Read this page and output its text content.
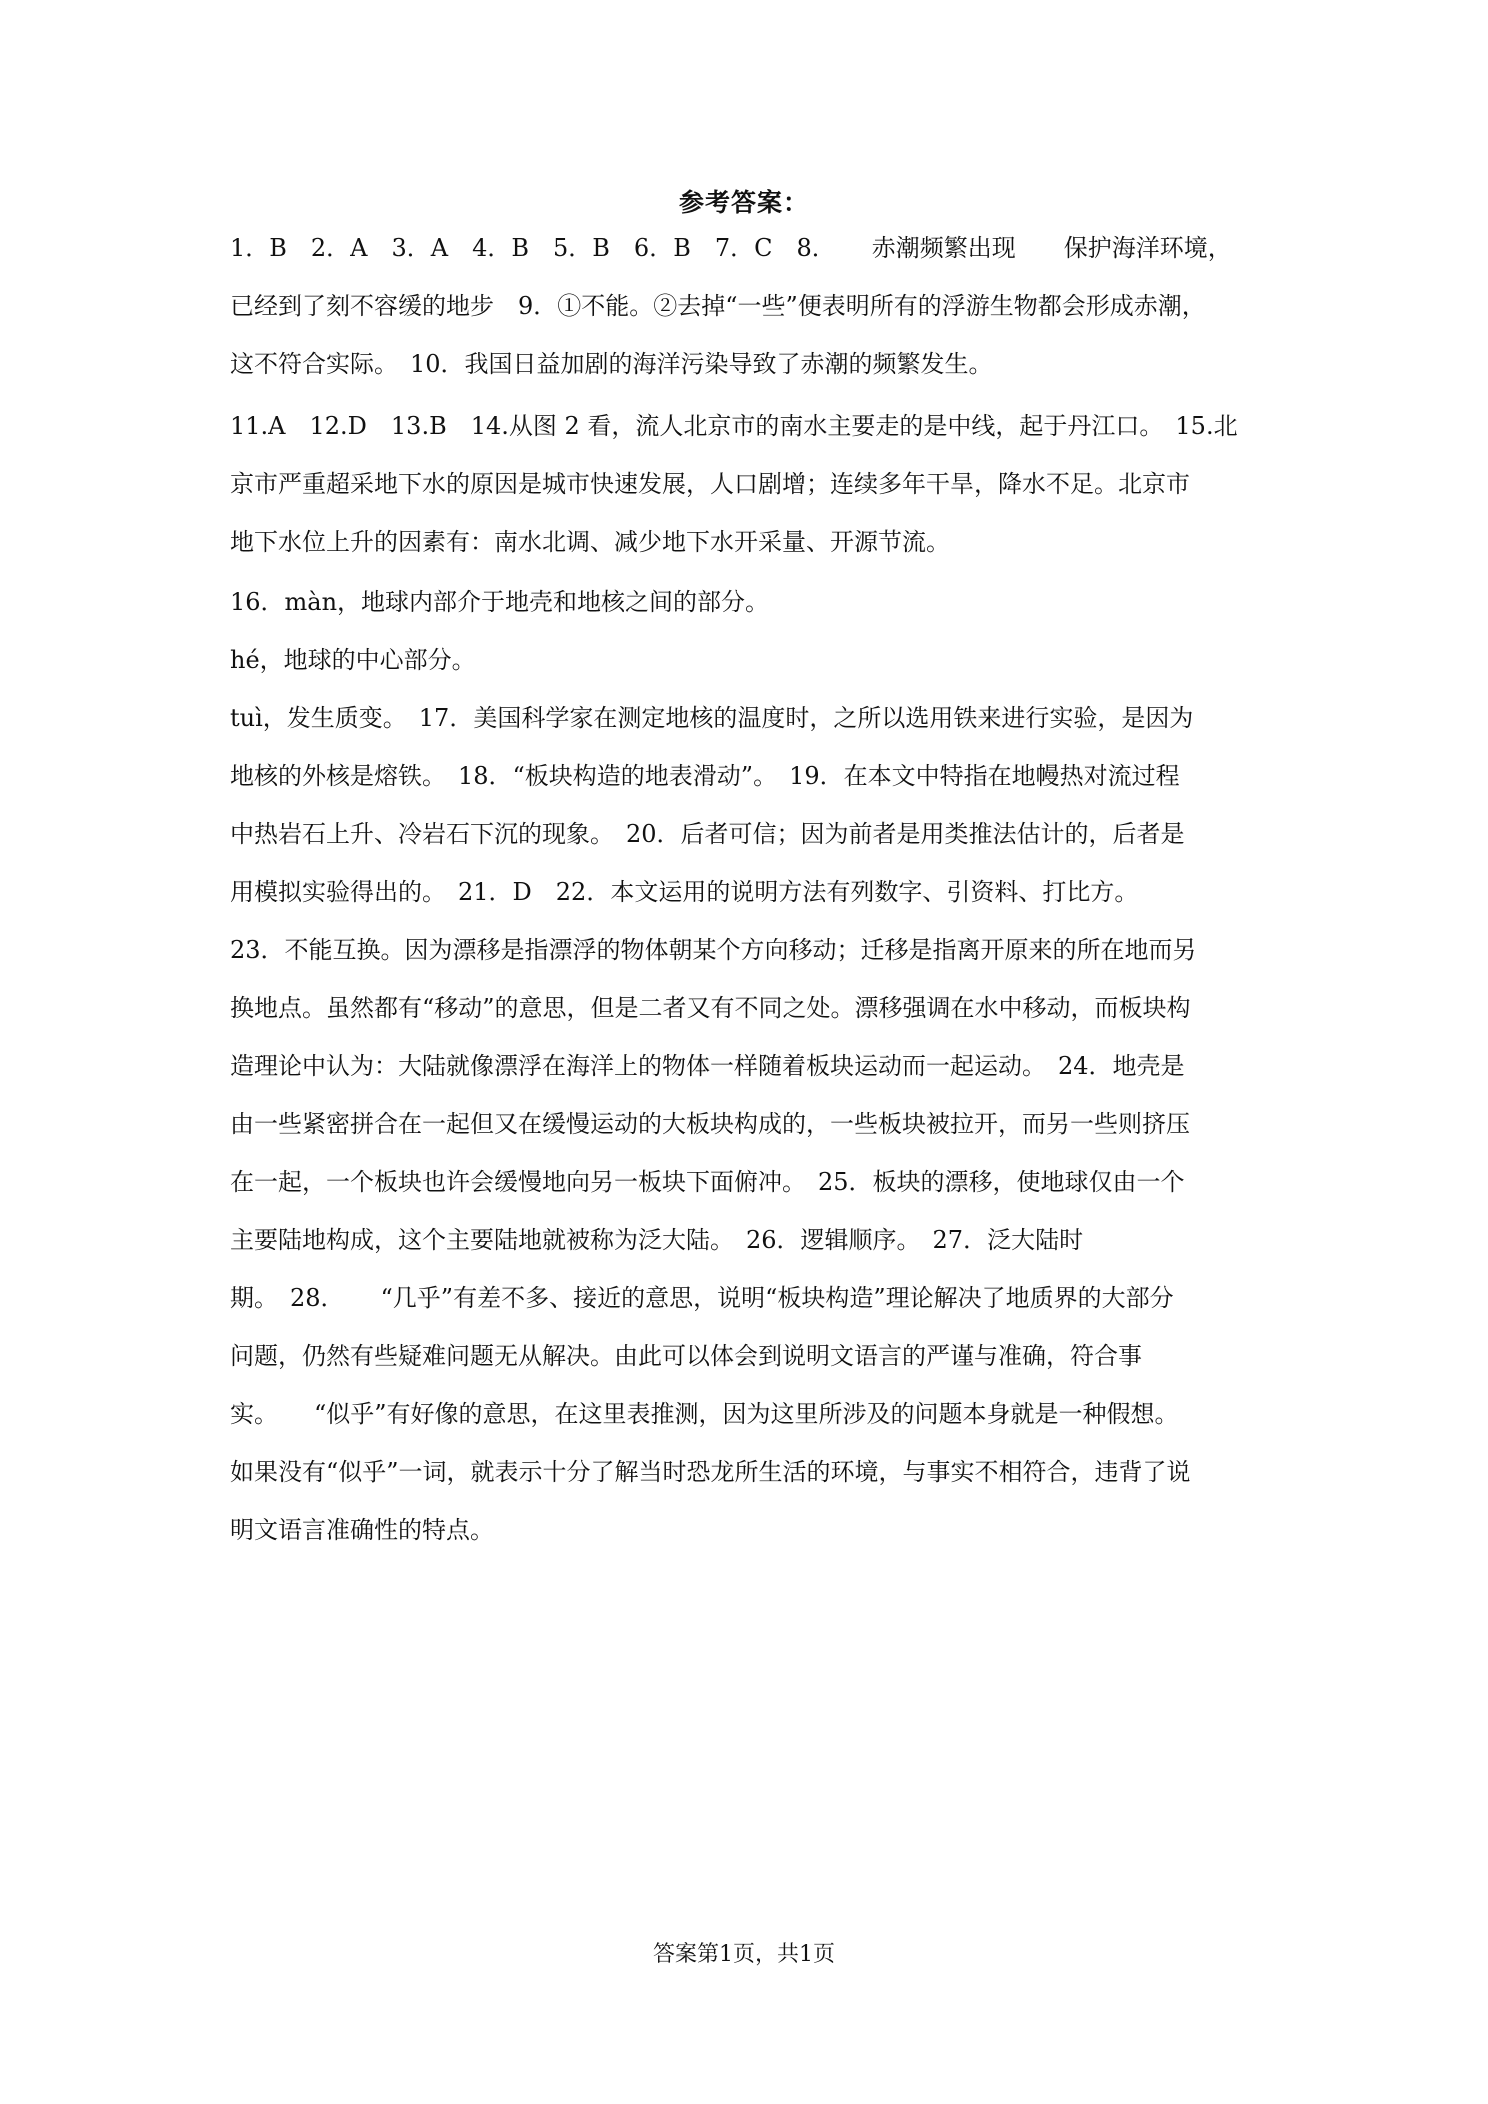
参考答案：
1．B　2．A　3．A　4．B　5．B　6．B　7．C　8．　　赤潮频繁出现　　保护海洋环境，
已经到了刻不容缓的地步　9．①不能。②去掉“一些”便表明所有的浮游生物都会形成赤潮，
这不符合实际。　10．我国日益加剧的海洋污染导致了赤潮的频繁发生。
11.A　12.D　13.B　14.从图 2 看，流人北京市的南水主要走的是中线，起于丹江口。　15.北
京市严重超采地下水的原因是城市快速发展，人口剧增；连续多年干旱，降水不足。北京市
地下水位上升的因素有：南水北调、减少地下水开采量、开源节流。
16．màn，地球内部介于地壳和地核之间的部分。
hé，地球的中心部分。
tuì，发生质变。　17．美国科学家在测定地核的温度时，之所以选用铁来进行实验，是因为
地核的外核是熔铁。　18．“板块构造的地表滑动”。　19．在本文中特指在地幔热对流过程
中热岩石上升、冷岩石下沉的现象。　20．后者可信；因为前者是用类推法估计的，后者是
用模拟实验得出的。　21．D　22．本文运用的说明方法有列数字、引资料、打比方。
23．不能互换。因为漂移是指漂浮的物体朝某个方向移动；迁移是指离开原来的所在地而另
换地点。虽然都有“移动”的意思，但是二者又有不同之处。漂移强调在水中移动，而板块构
造理论中认为：大陆就像漂浮在海洋上的物体一样随着板块运动而一起运动。　24．地壳是
由一些紧密拼合在一起但又在缓慢运动的大板块构成的，一些板块被拉开，而另一些则挤压
在一起，一个板块也许会缓慢地向另一板块下面俯冲。　25．板块的漂移，使地球仅由一个
主要陆地构成，这个主要陆地就被称为泛大陆。　26．逻辑顺序。　27．泛大陆时
期。　28．　　“几乎”有差不多、接近的意思，说明“板块构造”理论解决了地质界的大部分
问题，仍然有些疑难问题无从解决。由此可以体会到说明文语言的严谨与准确，符合事
实。　　“似乎”有好像的意思，在这里表推测，因为这里所涉及的问题本身就是一种假想。
如果没有“似乎”一词，就表示十分了解当时恐龙所生活的环境，与事实不相符合，违背了说
明文语言准确性的特点。
答案第1页，共1页
